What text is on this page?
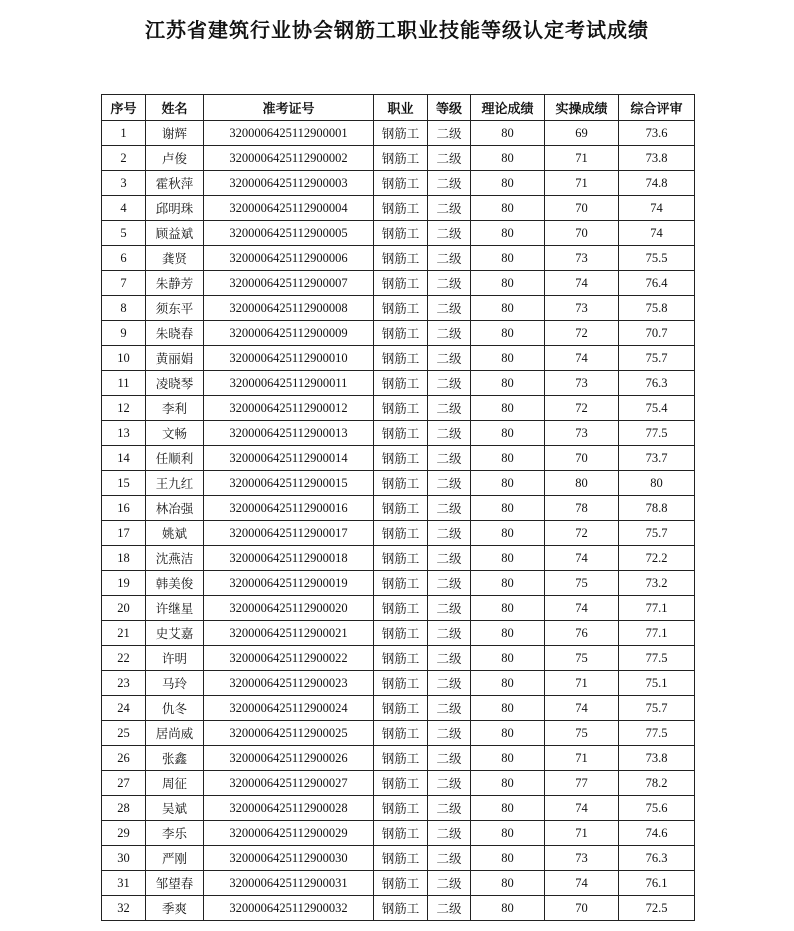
江苏省建筑行业协会钢筋工职业技能等级认定考试成绩
序号	姓名	准考证号	职业	等级	理论成绩	实操成绩	综合评审
1	谢辉	3200006425112900001	钢筋工	二级	80	69	73.6
2	卢俊	3200006425112900002	钢筋工	二级	80	71	73.8
3	霍秋萍	3200006425112900003	钢筋工	二级	80	71	74.8
4	邱明珠	3200006425112900004	钢筋工	二级	80	70	74
5	顾益斌	3200006425112900005	钢筋工	二级	80	70	74
6	龚贤	3200006425112900006	钢筋工	二级	80	73	75.5
7	朱静芳	3200006425112900007	钢筋工	二级	80	74	76.4
8	须东平	3200006425112900008	钢筋工	二级	80	73	75.8
9	朱晓春	3200006425112900009	钢筋工	二级	80	72	70.7
10	黄丽娟	3200006425112900010	钢筋工	二级	80	74	75.7
11	凌晓琴	3200006425112900011	钢筋工	二级	80	73	76.3
12	李利	3200006425112900012	钢筋工	二级	80	72	75.4
13	文畅	3200006425112900013	钢筋工	二级	80	73	77.5
14	任顺利	3200006425112900014	钢筋工	二级	80	70	73.7
15	王九红	3200006425112900015	钢筋工	二级	80	80	80
16	林冶强	3200006425112900016	钢筋工	二级	80	78	78.8
17	姚斌	3200006425112900017	钢筋工	二级	80	72	75.7
18	沈燕洁	3200006425112900018	钢筋工	二级	80	74	72.2
19	韩美俊	3200006425112900019	钢筋工	二级	80	75	73.2
20	许继星	3200006425112900020	钢筋工	二级	80	74	77.1
21	史艾嘉	3200006425112900021	钢筋工	二级	80	76	77.1
22	许明	3200006425112900022	钢筋工	二级	80	75	77.5
23	马玲	3200006425112900023	钢筋工	二级	80	71	75.1
24	仇冬	3200006425112900024	钢筋工	二级	80	74	75.7
25	居尚威	3200006425112900025	钢筋工	二级	80	75	77.5
26	张鑫	3200006425112900026	钢筋工	二级	80	71	73.8
27	周征	3200006425112900027	钢筋工	二级	80	77	78.2
28	吴斌	3200006425112900028	钢筋工	二级	80	74	75.6
29	李乐	3200006425112900029	钢筋工	二级	80	71	74.6
30	严刚	3200006425112900030	钢筋工	二级	80	73	76.3
31	邹望春	3200006425112900031	钢筋工	二级	80	74	76.1
32	季爽	3200006425112900032	钢筋工	二级	80	70	72.5
